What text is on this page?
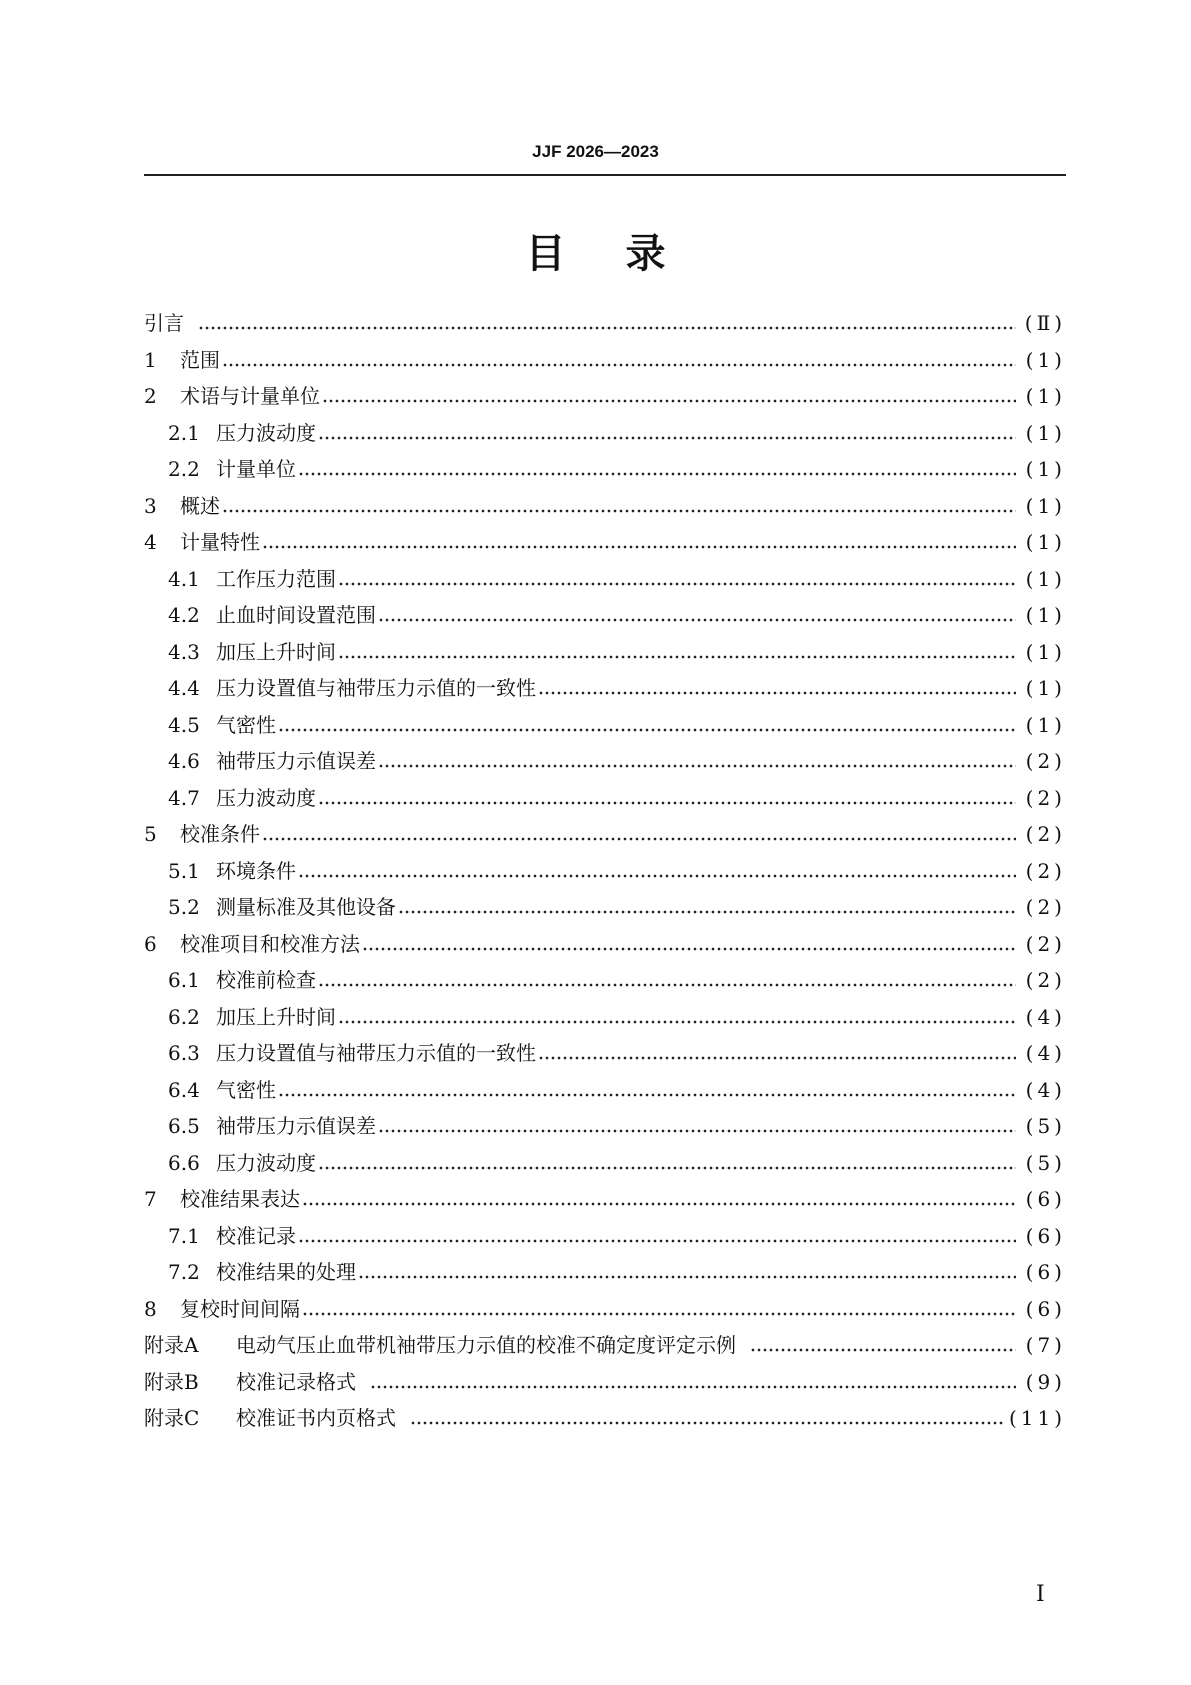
JJF 2026—2023
目录
引言	(Ⅱ)
1	范围	(1)
2	术语与计量单位	(1)
2.1 压力波动度	(1)
2.2 计量单位	(1)
3	概述	(1)
4	计量特性	(1)
4.1 工作压力范围	(1)
4.2 止血时间设置范围	(1)
4.3 加压上升时间	(1)
4.4 压力设置值与袖带压力示值的一致性	(1)
4.5 气密性	(1)
4.6 袖带压力示值误差	(2)
4.7 压力波动度	(2)
5	校准条件	(2)
5.1 环境条件	(2)
5.2 测量标准及其他设备	(2)
6	校准项目和校准方法	(2)
6.1 校准前检查	(2)
6.2 加压上升时间	(4)
6.3 压力设置值与袖带压力示值的一致性	(4)
6.4 气密性	(4)
6.5 袖带压力示值误差	(5)
6.6 压力波动度	(5)
7	校准结果表达	(6)
7.1 校准记录	(6)
7.2 校准结果的处理	(6)
8	复校时间间隔	(6)
附录A	电动气压止血带机袖带压力示值的校准不确定度评定示例	(7)
附录B	校准记录格式	(9)
附录C	校准证书内页格式	(11)
I
